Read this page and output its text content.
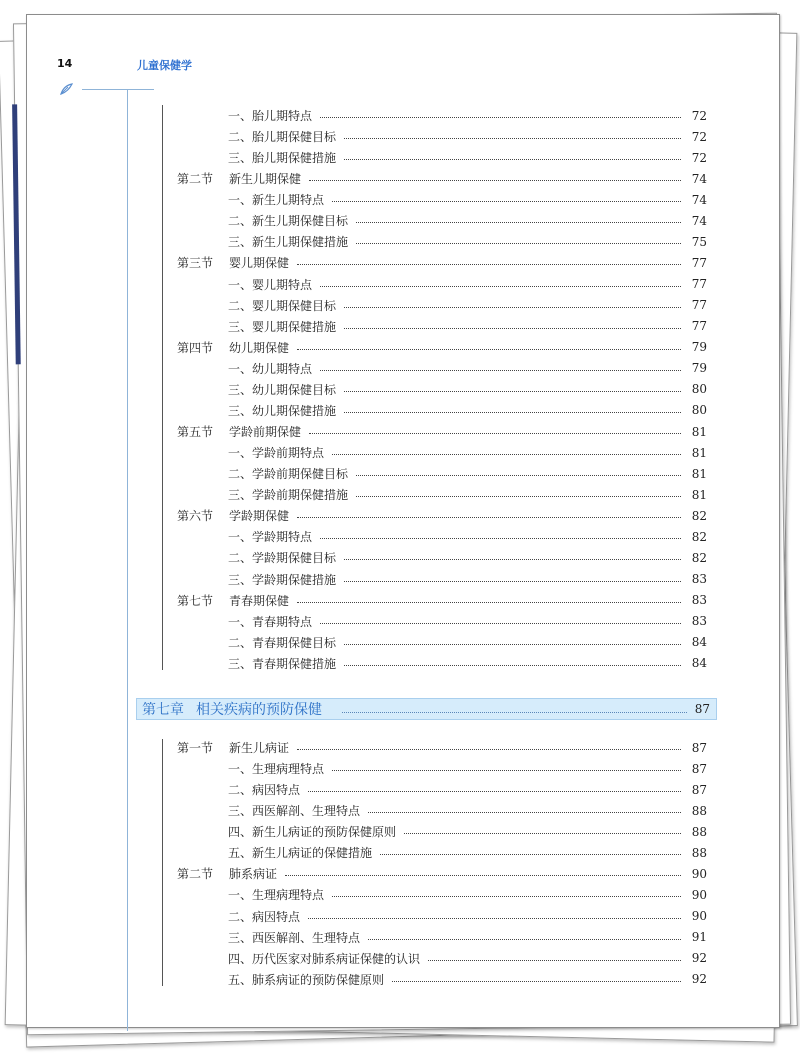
14	儿童保健学
一、胎儿期特点	72
二、胎儿期保健目标	72
三、胎儿期保健措施	72
第二节 新生儿期保健	74
一、新生儿期特点	74
二、新生儿期保健目标	74
三、新生儿期保健措施	75
第三节 婴儿期保健	77
一、婴儿期特点	77
二、婴儿期保健目标	77
三、婴儿期保健措施	77
第四节 幼儿期保健	79
一、幼儿期特点	79
三、幼儿期保健目标	80
三、幼儿期保健措施	80
第五节 学龄前期保健	81
一、学龄前期特点	81
二、学龄前期保健目标	81
三、学龄前期保健措施	81
第六节 学龄期保健	82
一、学龄期特点	82
二、学龄期保健目标	82
三、学龄期保健措施	83
第七节 青春期保健	83
一、青春期特点	83
二、青春期保健目标	84
三、青春期保健措施	84
第七章 相关疾病的预防保健	87
第一节 新生儿病证	87
一、生理病理特点	87
二、病因特点	87
三、西医解剖、生理特点	88
四、新生儿病证的预防保健原则	88
五、新生儿病证的保健措施	88
第二节 肺系病证	90
一、生理病理特点	90
二、病因特点	90
三、西医解剖、生理特点	91
四、历代医家对肺系病证保健的认识	92
五、肺系病证的预防保健原则	92
